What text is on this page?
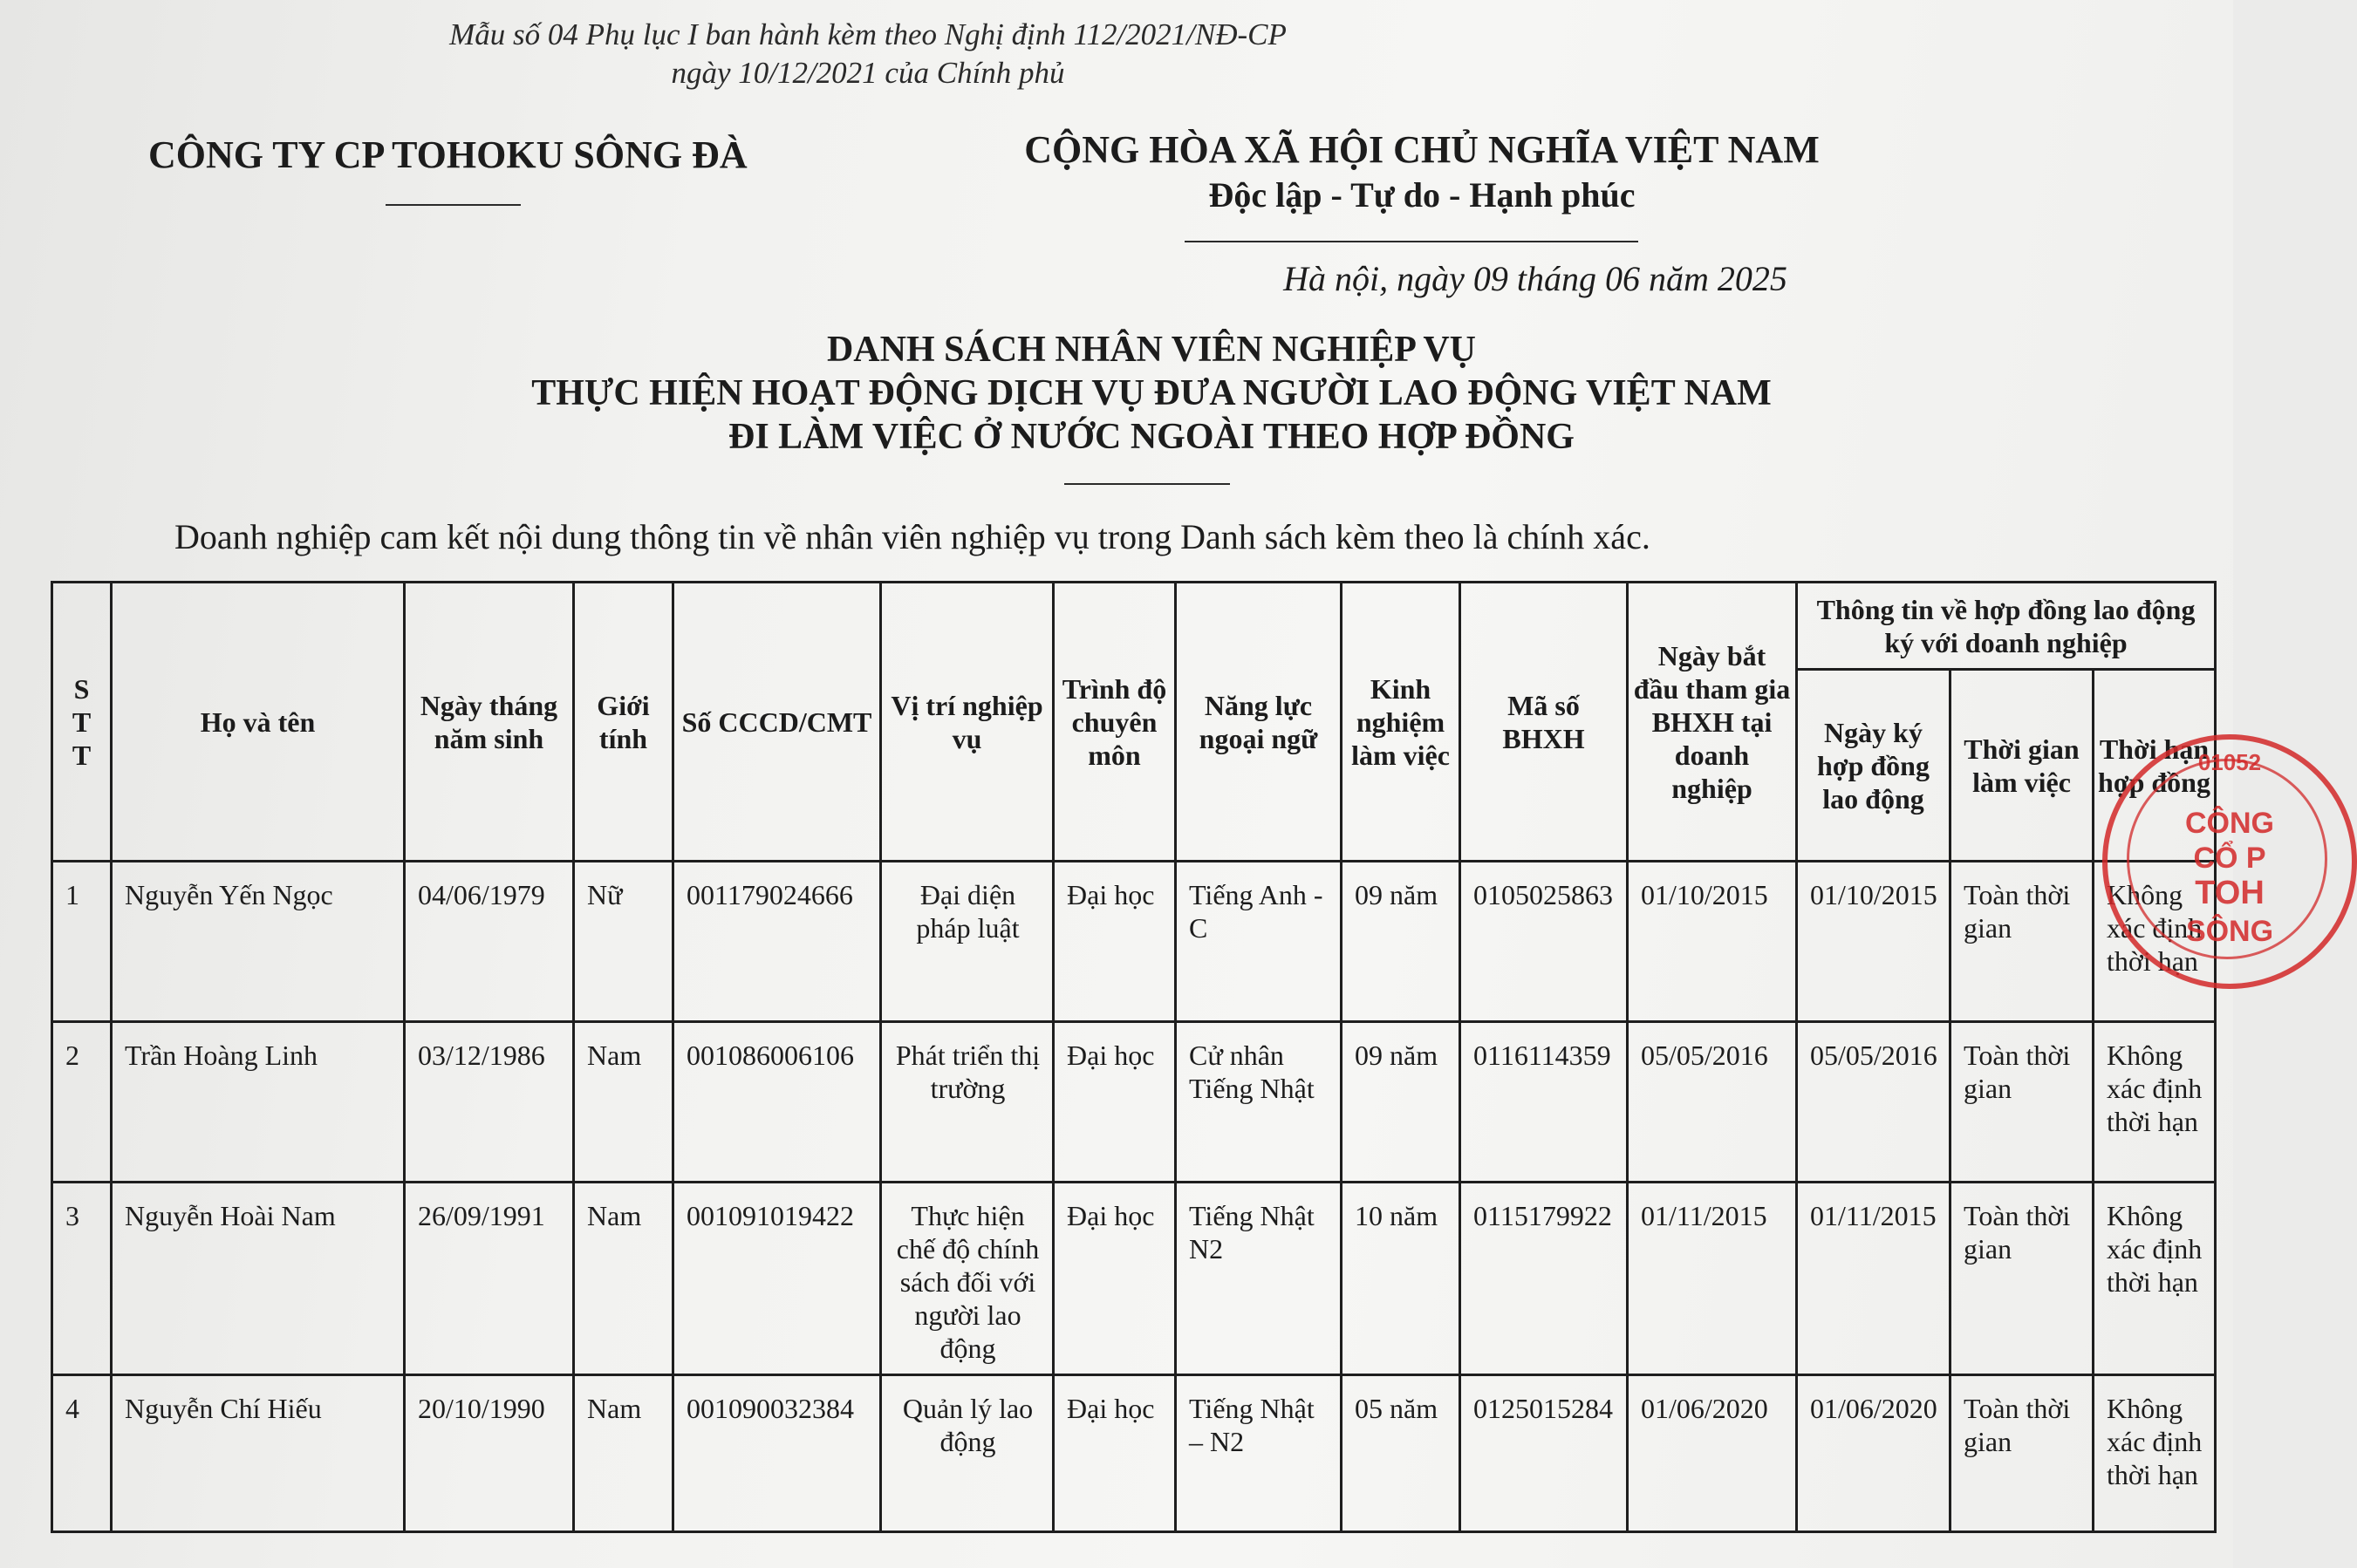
Mẫu số 04 Phụ lục I ban hành kèm theo Nghị định 112/2021/NĐ-CP
ngày 10/12/2021 của Chính phủ
CÔNG TY CP TOHOKU SÔNG ĐÀ	CỘNG HÒA XÃ HỘI CHỦ NGHĨA VIỆT NAM
Độc lập - Tự do - Hạnh phúc
Hà nội, ngày 09 tháng 06 năm 2025
DANH SÁCH NHÂN VIÊN NGHIỆP VỤ
THỰC HIỆN HOẠT ĐỘNG DỊCH VỤ ĐƯA NGƯỜI LAO ĐỘNG VIỆT NAM
ĐI LÀM VIỆC Ở NƯỚC NGOÀI THEO HỢP ĐỒNG
Doanh nghiệp cam kết nội dung thông tin về nhân viên nghiệp vụ trong Danh sách kèm theo là chính xác.
S
T
T	Họ và tên	Ngày tháng năm sinh	Giới tính	Số CCCD/CMT	Vị trí nghiệp vụ	Trình độ chuyên môn	Năng lực ngoại ngữ	Kinh nghiệm làm việc	Mã số BHXH	Ngày bắt đầu tham gia BHXH tại doanh nghiệp	Thông tin về hợp đồng lao động ký với doanh nghiệp		
											Ngày ký hợp đồng lao động	Thời gian làm việc	Thời hạn hợp đồng
1	Nguyễn Yến Ngọc	04/06/1979	Nữ	001179024666	Đại diện pháp luật	Đại học	Tiếng Anh - C	09 năm	0105025863	01/10/2015	01/10/2015	Toàn thời gian	Không xác định thời hạn
2	Trần Hoàng Linh	03/12/1986	Nam	001086006106	Phát triển thị trường	Đại học	Cử nhân Tiếng Nhật	09 năm	0116114359	05/05/2016	05/05/2016	Toàn thời gian	Không xác định thời hạn
3	Nguyễn Hoài Nam	26/09/1991	Nam	001091019422	Thực hiện chế độ chính sách đối với người lao động	Đại học	Tiếng Nhật N2	10 năm	0115179922	01/11/2015	01/11/2015	Toàn thời gian	Không xác định thời hạn
4	Nguyễn Chí Hiếu	20/10/1990	Nam	001090032384	Quản lý lao động	Đại học	Tiếng Nhật – N2	05 năm	0125015284	01/06/2020	01/06/2020	Toàn thời gian	Không xác định thời hạn
01052
CÔNG
CỔ P
TOH
SÔNG
